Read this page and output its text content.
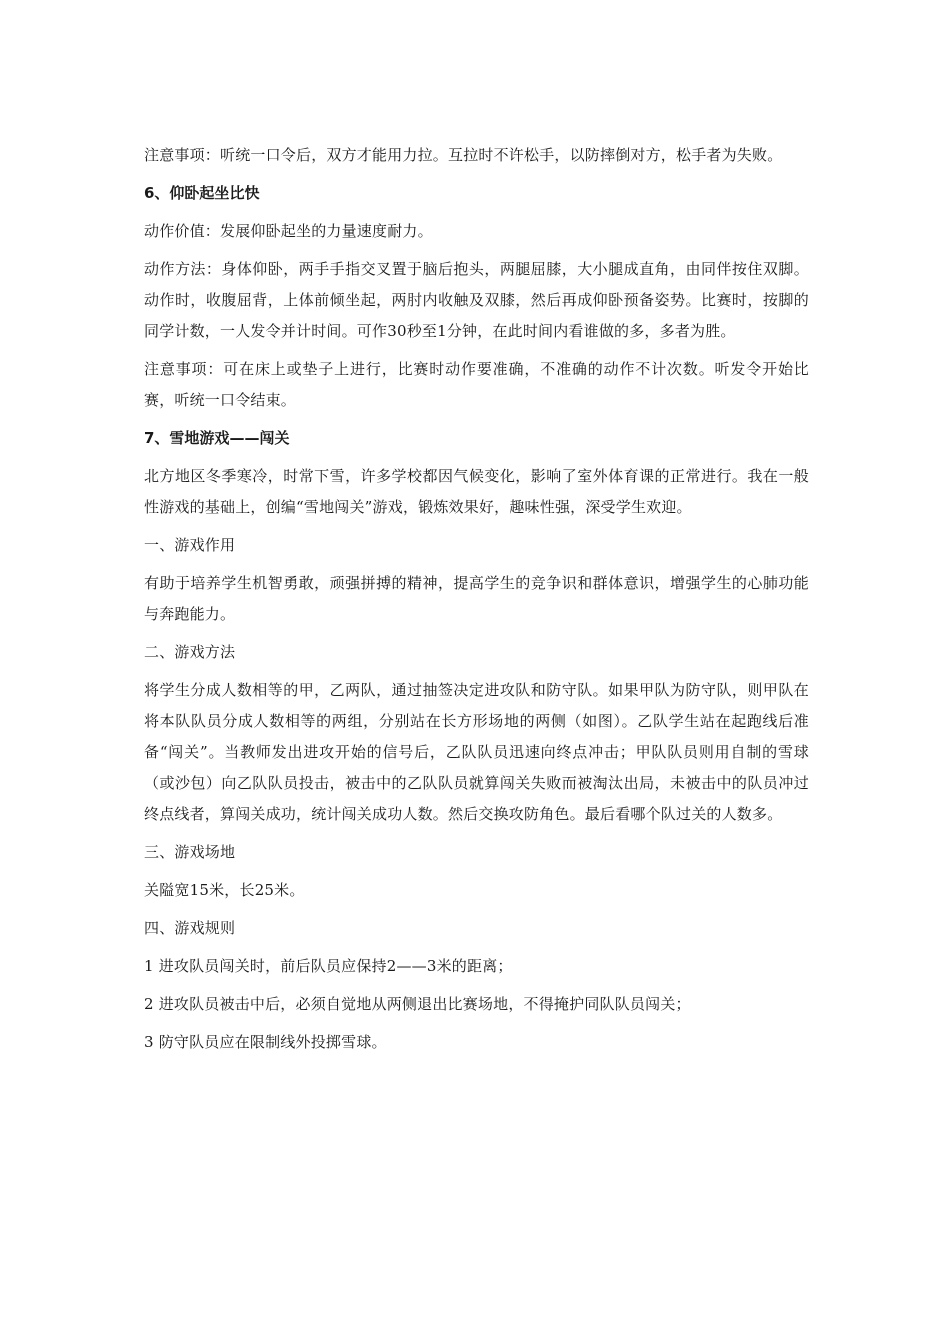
注意事项：听统一口令后，双方才能用力拉。互拉时不许松手，以防摔倒对方，松手者为失败。

6、仰卧起坐比快

动作价值：发展仰卧起坐的力量速度耐力。

动作方法：身体仰卧，两手手指交叉置于脑后抱头，两腿屈膝，大小腿成直角，由同伴按住双脚。动作时，收腹屈背，上体前倾坐起，两肘内收触及双膝，然后再成仰卧预备姿势。比赛时，按脚的同学计数，一人发令并计时间。可作30秒至1分钟，在此时间内看谁做的多，多者为胜。

注意事项：可在床上或垫子上进行，比赛时动作要准确，不准确的动作不计次数。听发令开始比赛，听统一口令结束。

7、雪地游戏——闯关

北方地区冬季寒冷，时常下雪，许多学校都因气候变化，影响了室外体育课的正常进行。我在一般性游戏的基础上，创编“雪地闯关”游戏，锻炼效果好，趣味性强，深受学生欢迎。

一、游戏作用

有助于培养学生机智勇敢，顽强拼搏的精神，提高学生的竞争识和群体意识，增强学生的心肺功能与奔跑能力。

二、游戏方法

将学生分成人数相等的甲，乙两队，通过抽签决定进攻队和防守队。如果甲队为防守队，则甲队在将本队队员分成人数相等的两组，分别站在长方形场地的两侧（如图）。乙队学生站在起跑线后准备“闯关”。当教师发出进攻开始的信号后，乙队队员迅速向终点冲击；甲队队员则用自制的雪球（或沙包）向乙队队员投击，被击中的乙队队员就算闯关失败而被淘汰出局，未被击中的队员冲过终点线者，算闯关成功，统计闯关成功人数。然后交换攻防角色。最后看哪个队过关的人数多。

三、游戏场地

关隘宽15米，长25米。

四、游戏规则

1 进攻队员闯关时，前后队员应保持2——3米的距离；

2 进攻队员被击中后，必须自觉地从两侧退出比赛场地，不得掩护同队队员闯关；

3 防守队员应在限制线外投掷雪球。
